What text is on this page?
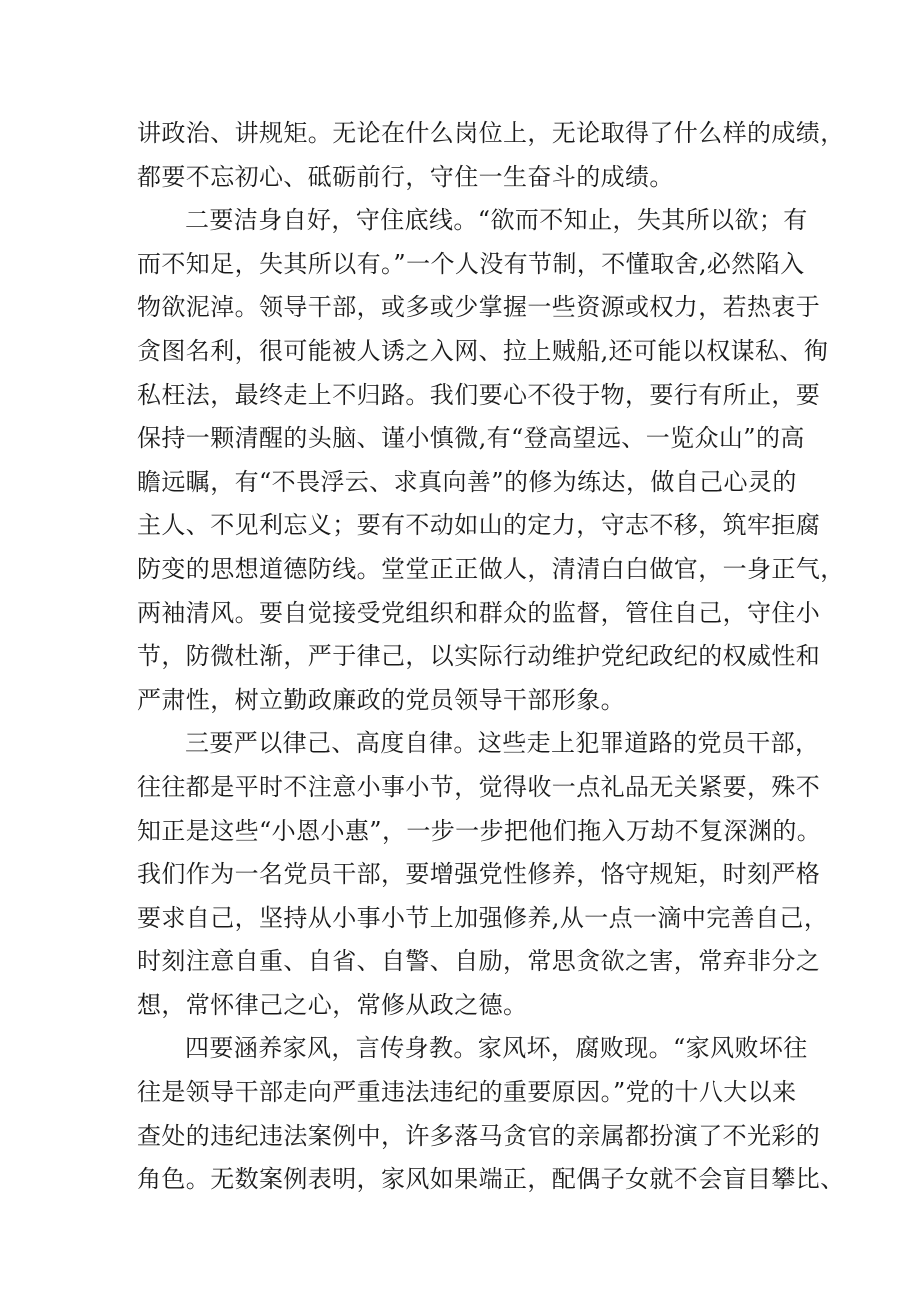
讲政治、讲规矩。无论在什么岗位上，无论取得了什么样的成绩，
都要不忘初心、砥砺前行，守住一生奋斗的成绩。
二要洁身自好，守住底线。“欲而不知止，失其所以欲；有
而不知足，失其所以有。”一个人没有节制，不懂取舍,必然陷入
物欲泥淖。领导干部，或多或少掌握一些资源或权力，若热衷于
贪图名利，很可能被人诱之入网、拉上贼船,还可能以权谋私、徇
私枉法，最终走上不归路。我们要心不役于物，要行有所止，要
保持一颗清醒的头脑、谨小慎微,有“登高望远、一览众山”的高
瞻远瞩，有“不畏浮云、求真向善”的修为练达，做自己心灵的
主人、不见利忘义；要有不动如山的定力，守志不移，筑牢拒腐
防变的思想道德防线。堂堂正正做人，清清白白做官，一身正气，
两袖清风。要自觉接受党组织和群众的监督，管住自己，守住小
节，防微杜渐，严于律己，以实际行动维护党纪政纪的权威性和
严肃性，树立勤政廉政的党员领导干部形象。
三要严以律己、高度自律。这些走上犯罪道路的党员干部，
往往都是平时不注意小事小节，觉得收一点礼品无关紧要，殊不
知正是这些“小恩小惠”，一步一步把他们拖入万劫不复深渊的。
我们作为一名党员干部，要增强党性修养，恪守规矩，时刻严格
要求自己，坚持从小事小节上加强修养,从一点一滴中完善自己，
时刻注意自重、自省、自警、自励，常思贪欲之害，常弃非分之
想，常怀律己之心，常修从政之德。
四要涵养家风，言传身教。家风坏，腐败现。“家风败坏往
往是领导干部走向严重违法违纪的重要原因。”党的十八大以来
查处的违纪违法案例中，许多落马贪官的亲属都扮演了不光彩的
角色。无数案例表明，家风如果端正，配偶子女就不会盲目攀比、
